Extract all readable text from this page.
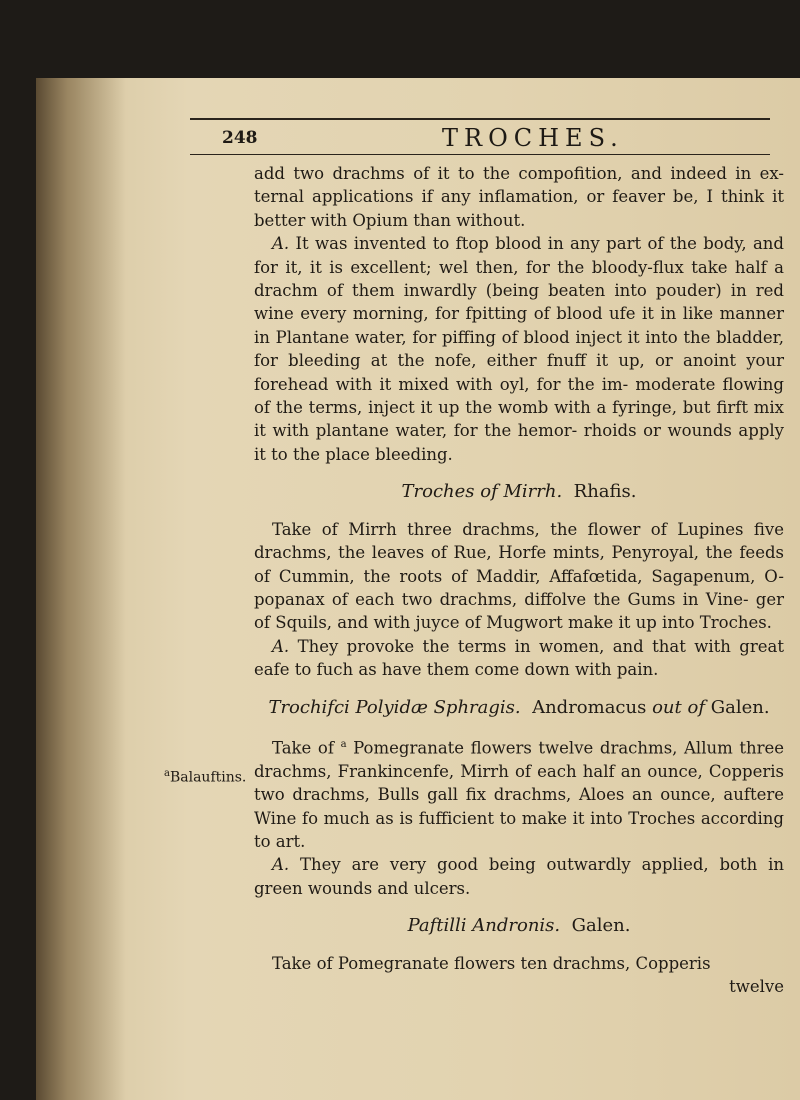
248	TROCHES.

add two drachms of it to the compofition, and indeed in ex- ternal applications if any inflamation, or feaver be, I think it better with Opium than without.

A. It was invented to ftop blood in any part of the body, and for it, it is excellent; wel then, for the bloody-flux take half a drachm of them inwardly (being beaten into pouder) in red wine every morning, for fpitting of blood ufe it in like manner in Plantane water, for piffing of blood inject it into the bladder, for bleeding at the nofe, either fnuff it up, or anoint your forehead with it mixed with oyl, for the im- moderate flowing of the terms, inject it up the womb with a fyringe, but firft mix it with plantane water, for the hemor- rhoids or wounds apply it to the place bleeding.

Troches of Mirrh. Rhafis.

Take of Mirrh three drachms, the flower of Lupines five drachms, the leaves of Rue, Horfe mints, Penyroyal, the feeds of Cummin, the roots of Maddir, Affafœtida, Sagapenum, O- popanax of each two drachms, diffolve the Gums in Vine- ger of Squils, and with juyce of Mugwort make it up into Troches.

A. They provoke the terms in women, and that with great eafe to fuch as have them come down with pain.

Trochifci Polyidæ Sphragis. Andromacus out of Galen.

Take of $^a$ Pomegranate flowers twelve drachms, Allum three drachms, Frankincenfe, Mirrh of each half an ounce, Copperis two drachms, Bulls gall fix drachms, Aloes an ounce, auftere Wine fo much as is fufficient to make it into Troches according to art.

A. They are very good being outwardly applied, both in green wounds and ulcers.

Paftilli Andronis. Galen.

Take of Pomegranate flowers ten drachms, Copperis

twelve

$^a$Balauftins.
